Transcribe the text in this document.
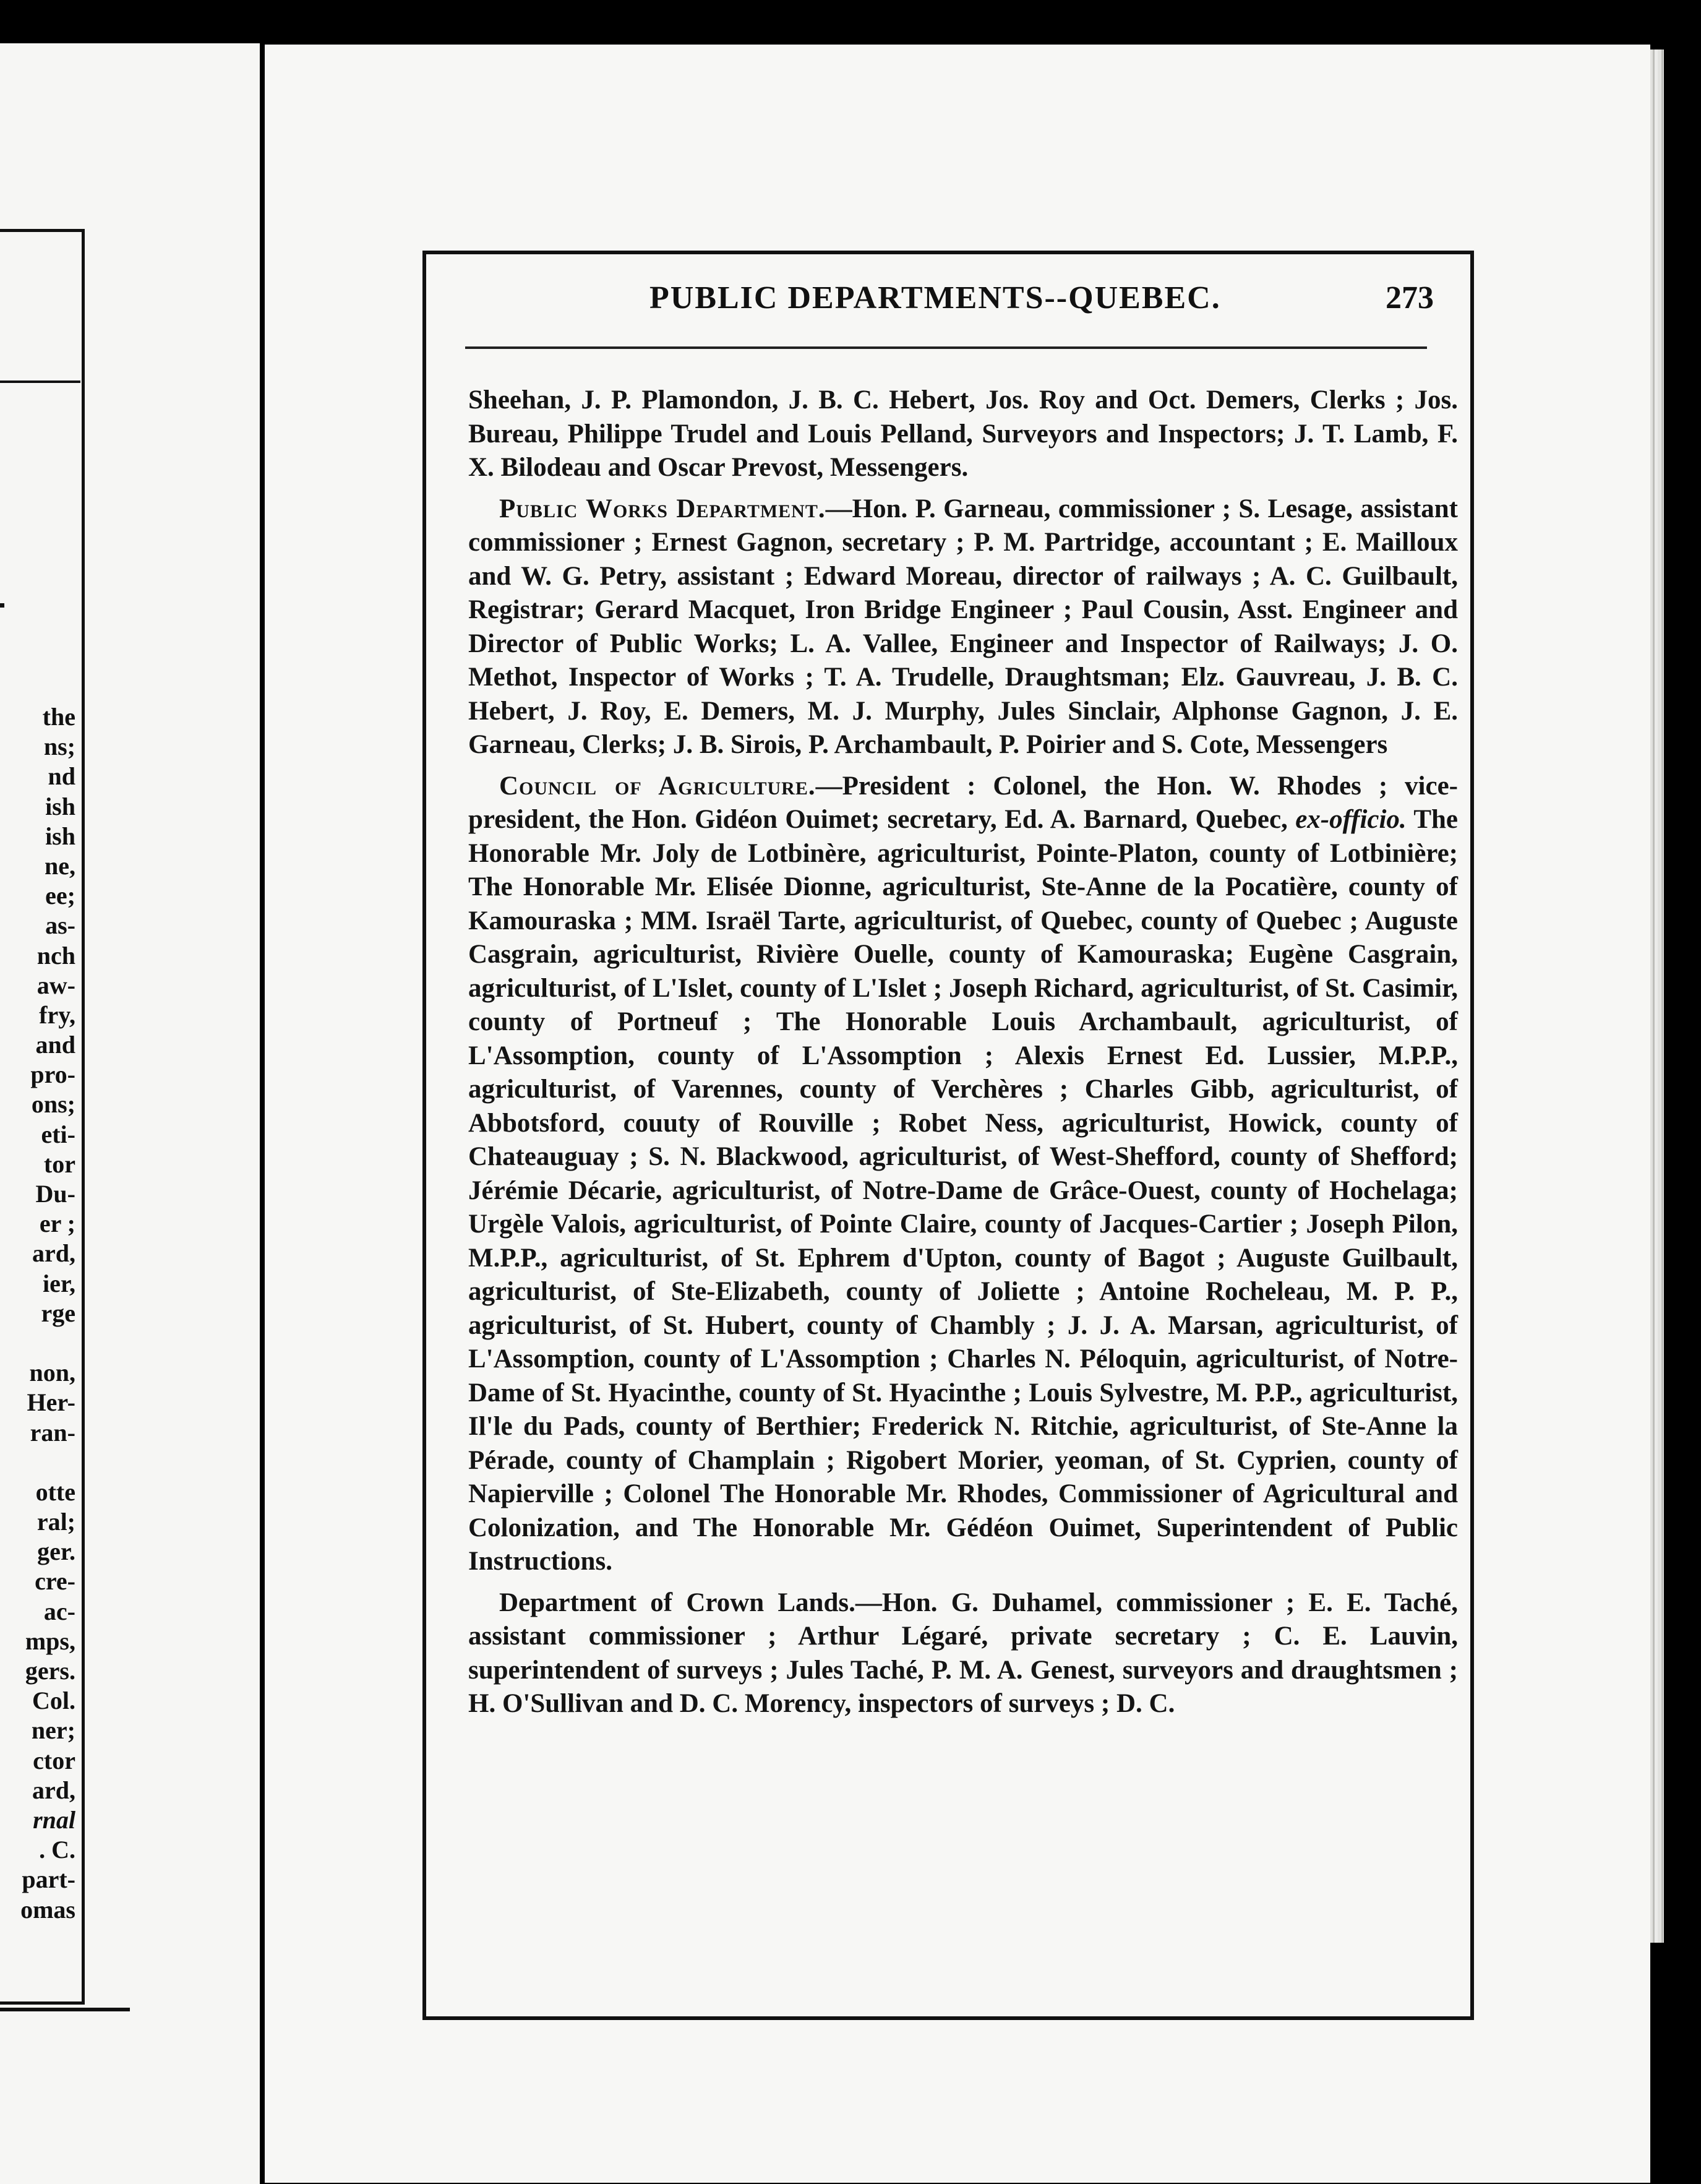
the
ns;
nd
ish
ish
ne,
ee;
as-
nch
aw-
fry,
and
pro-
ons;
eti-
tor
Du-
er ;
ard,
ier,
rge
non,
Her-
ran-
otte
ral;
ger.
cre-
ac-
mps,
gers.
Col.
ner;
ctor
ard,
rnal
. C.
part-
omas
PUBLIC DEPARTMENTS--QUEBEC.	273

Sheehan, J. P. Plamondon, J. B. C. Hebert, Jos. Roy and Oct. Demers, Clerks ; Jos. Bureau, Philippe Trudel and Louis Pelland, Surveyors and Inspectors; J. T. Lamb, F. X. Bilodeau and Oscar Prevost, Messengers.

Public Works Department.—Hon. P. Garneau, commissioner ; S. Lesage, assistant commissioner ; Ernest Gagnon, secretary ; P. M. Partridge, accountant ; E. Mailloux and W. G. Petry, assistant ; Edward Moreau, director of railways ; A. C. Guilbault, Registrar; Gerard Macquet, Iron Bridge Engineer ; Paul Cousin, Asst. Engineer and Director of Public Works; L. A. Vallee, Engineer and Inspector of Railways; J. O. Methot, Inspector of Works ; T. A. Trudelle, Draughtsman; Elz. Gauvreau, J. B. C. Hebert, J. Roy, E. Demers, M. J. Murphy, Jules Sinclair, Alphonse Gagnon, J. E. Garneau, Clerks; J. B. Sirois, P. Archambault, P. Poirier and S. Cote, Messengers

Council of Agriculture.—President : Colonel, the Hon. W. Rhodes ; vice-president, the Hon. Gidéon Ouimet; secretary, Ed. A. Barnard, Quebec, ex-officio. The Honorable Mr. Joly de Lotbinère, agriculturist, Pointe-Platon, county of Lotbinière; The Honorable Mr. Elisée Dionne, agriculturist, Ste-Anne de la Pocatière, county of Kamouraska ; MM. Israël Tarte, agriculturist, of Quebec, county of Quebec ; Auguste Casgrain, agriculturist, Rivière Ouelle, county of Kamouraska; Eugène Casgrain, agriculturist, of L'Islet, county of L'Islet ; Joseph Richard, agriculturist, of St. Casimir, county of Portneuf ; The Honorable Louis Archambault, agriculturist, of L'Assomption, county of L'Assomption ; Alexis Ernest Ed. Lussier, M.P.P., agriculturist, of Varennes, county of Verchères ; Charles Gibb, agriculturist, of Abbotsford, couuty of Rouville ; Robet Ness, agriculturist, Howick, county of Chateauguay ; S. N. Blackwood, agriculturist, of West-Shefford, county of Shefford; Jérémie Décarie, agriculturist, of Notre-Dame de Grâce-Ouest, county of Hochelaga; Urgèle Valois, agriculturist, of Pointe Claire, county of Jacques-Cartier ; Joseph Pilon, M.P.P., agriculturist, of St. Ephrem d'Upton, county of Bagot ; Auguste Guilbault, agriculturist, of Ste-Elizabeth, county of Joliette ; Antoine Rocheleau, M. P. P., agriculturist, of St. Hubert, county of Chambly ; J. J. A. Marsan, agriculturist, of L'Assomption, county of L'Assomption ; Charles N. Péloquin, agriculturist, of Notre-Dame of St. Hyacinthe, county of St. Hyacinthe ; Louis Sylvestre, M. P.P., agriculturist, Il'le du Pads, county of Berthier; Frederick N. Ritchie, agriculturist, of Ste-Anne la Pérade, county of Champlain ; Rigobert Morier, yeoman, of St. Cyprien, county of Napierville ; Colonel The Honorable Mr. Rhodes, Commissioner of Agricultural and Colonization, and The Honorable Mr. Gédéon Ouimet, Superintendent of Public Instructions.

Department of Crown Lands.—Hon. G. Duhamel, commissioner ; E. E. Taché, assistant commissioner ; Arthur Légaré, private secretary ; C. E. Lauvin, superintendent of surveys ; Jules Taché, P. M. A. Genest, surveyors and draughtsmen ; H. O'Sullivan and D. C. Morency, inspectors of surveys ; D. C.
